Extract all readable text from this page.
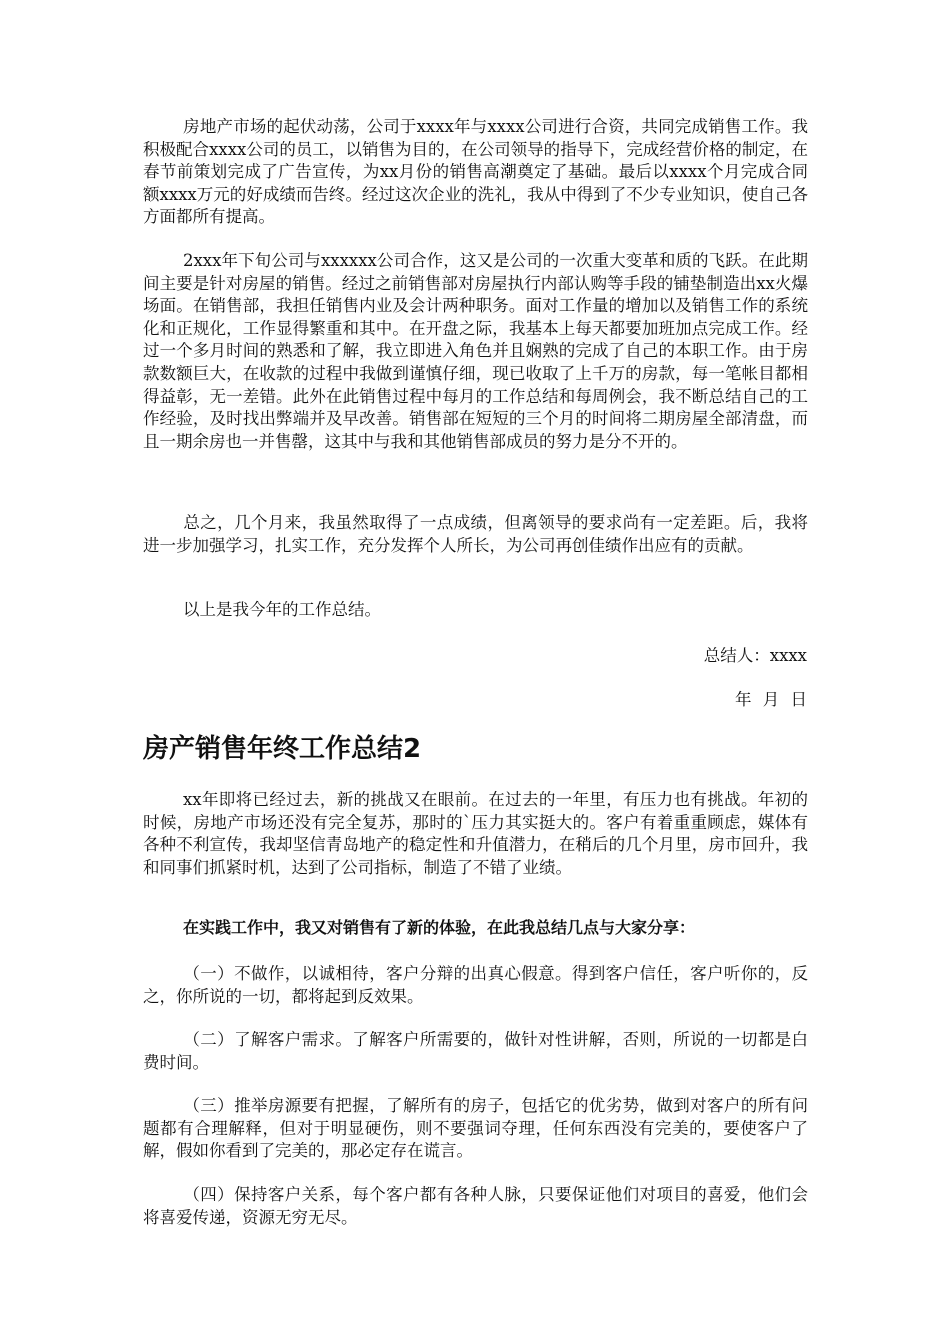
房地产市场的起伏动荡，公司于xxxx年与xxxx公司进行合资，共同完成销售工作。我积极配合xxxx公司的员工，以销售为目的，在公司领导的指导下，完成经营价格的制定，在春节前策划完成了广告宣传，为xx月份的销售高潮奠定了基础。最后以xxxx个月完成合同额xxxx万元的好成绩而告终。经过这次企业的洗礼，我从中得到了不少专业知识，使自己各方面都所有提高。

2xxx年下旬公司与xxxxxx公司合作，这又是公司的一次重大变革和质的飞跃。在此期间主要是针对房屋的销售。经过之前销售部对房屋执行内部认购等手段的铺垫制造出xx火爆场面。在销售部，我担任销售内业及会计两种职务。面对工作量的增加以及销售工作的系统化和正规化，工作显得繁重和其中。在开盘之际，我基本上每天都要加班加点完成工作。经过一个多月时间的熟悉和了解，我立即进入角色并且娴熟的完成了自己的本职工作。由于房款数额巨大，在收款的过程中我做到谨慎仔细，现已收取了上千万的房款，每一笔帐目都相得益彰，无一差错。此外在此销售过程中每月的工作总结和每周例会，我不断总结自己的工作经验，及时找出弊端并及早改善。销售部在短短的三个月的时间将二期房屋全部清盘，而且一期余房也一并售罄，这其中与我和其他销售部成员的努力是分不开的。

总之，几个月来，我虽然取得了一点成绩，但离领导的要求尚有一定差距。后，我将进一步加强学习，扎实工作，充分发挥个人所长，为公司再创佳绩作出应有的贡献。

以上是我今年的工作总结。

总结人：xxxx
年 月 日
房产销售年终工作总结2

xx年即将已经过去，新的挑战又在眼前。在过去的一年里，有压力也有挑战。年初的时候，房地产市场还没有完全复苏，那时的`压力其实挺大的。客户有着重重顾虑，媒体有各种不利宣传，我却坚信青岛地产的稳定性和升值潜力，在稍后的几个月里，房市回升，我和同事们抓紧时机，达到了公司指标，制造了不错了业绩。

在实践工作中，我又对销售有了新的体验，在此我总结几点与大家分享：

（一）不做作，以诚相待，客户分辩的出真心假意。得到客户信任，客户听你的，反之，你所说的一切，都将起到反效果。

（二）了解客户需求。了解客户所需要的，做针对性讲解，否则，所说的一切都是白费时间。

（三）推举房源要有把握，了解所有的房子，包括它的优劣势，做到对客户的所有问题都有合理解释，但对于明显硬伤，则不要强词夺理，任何东西没有完美的，要使客户了解，假如你看到了完美的，那必定存在谎言。

（四）保持客户关系，每个客户都有各种人脉，只要保证他们对项目的喜爱，他们会将喜爱传递，资源无穷无尽。
